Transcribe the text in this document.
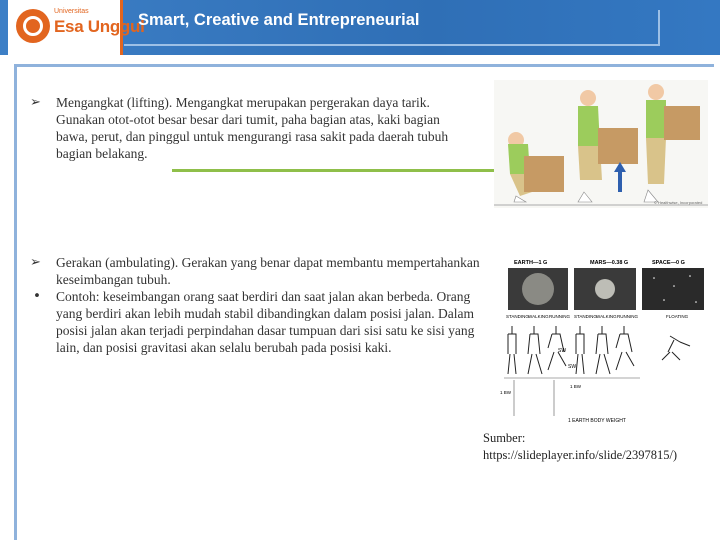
Universitas
Esa Unggul
Smart, Creative and Entrepreneurial

➢ Mengangkat (lifting). Mengangkat merupakan pergerakan daya tarik. Gunakan otot-otot besar besar dari tumit, paha bagian atas, kaki bagian bawa, perut, dan pinggul untuk mengurangi rasa sakit pada daerah tubuh bagian belakang.

➢ Gerakan (ambulating). Gerakan yang benar dapat membantu mempertahankan keseimbangan tubuh.

• Contoh: keseimbangan orang saat berdiri dan saat jalan akan berbeda. Orang yang berdiri akan lebih mudah stabil dibandingkan dalam posisi jalan. Dalam posisi jalan akan terjadi perpindahan dasar tumpuan dari sisi satu ke sisi yang lain, dan posisi gravitasi akan selalu berubah pada posisi kaki.

© Healthwise, Incorporated
EARTH—1 G	MARS—0.38 G	SPACE—0 G
STANDING WALKING RUNNING STANDING WALKING RUNNING	FLOATING
SW
SW
1 BW
1 BW
1 EARTH BODY WEIGHT
Sumber:
https://slideplayer.info/slide/2397815/)
